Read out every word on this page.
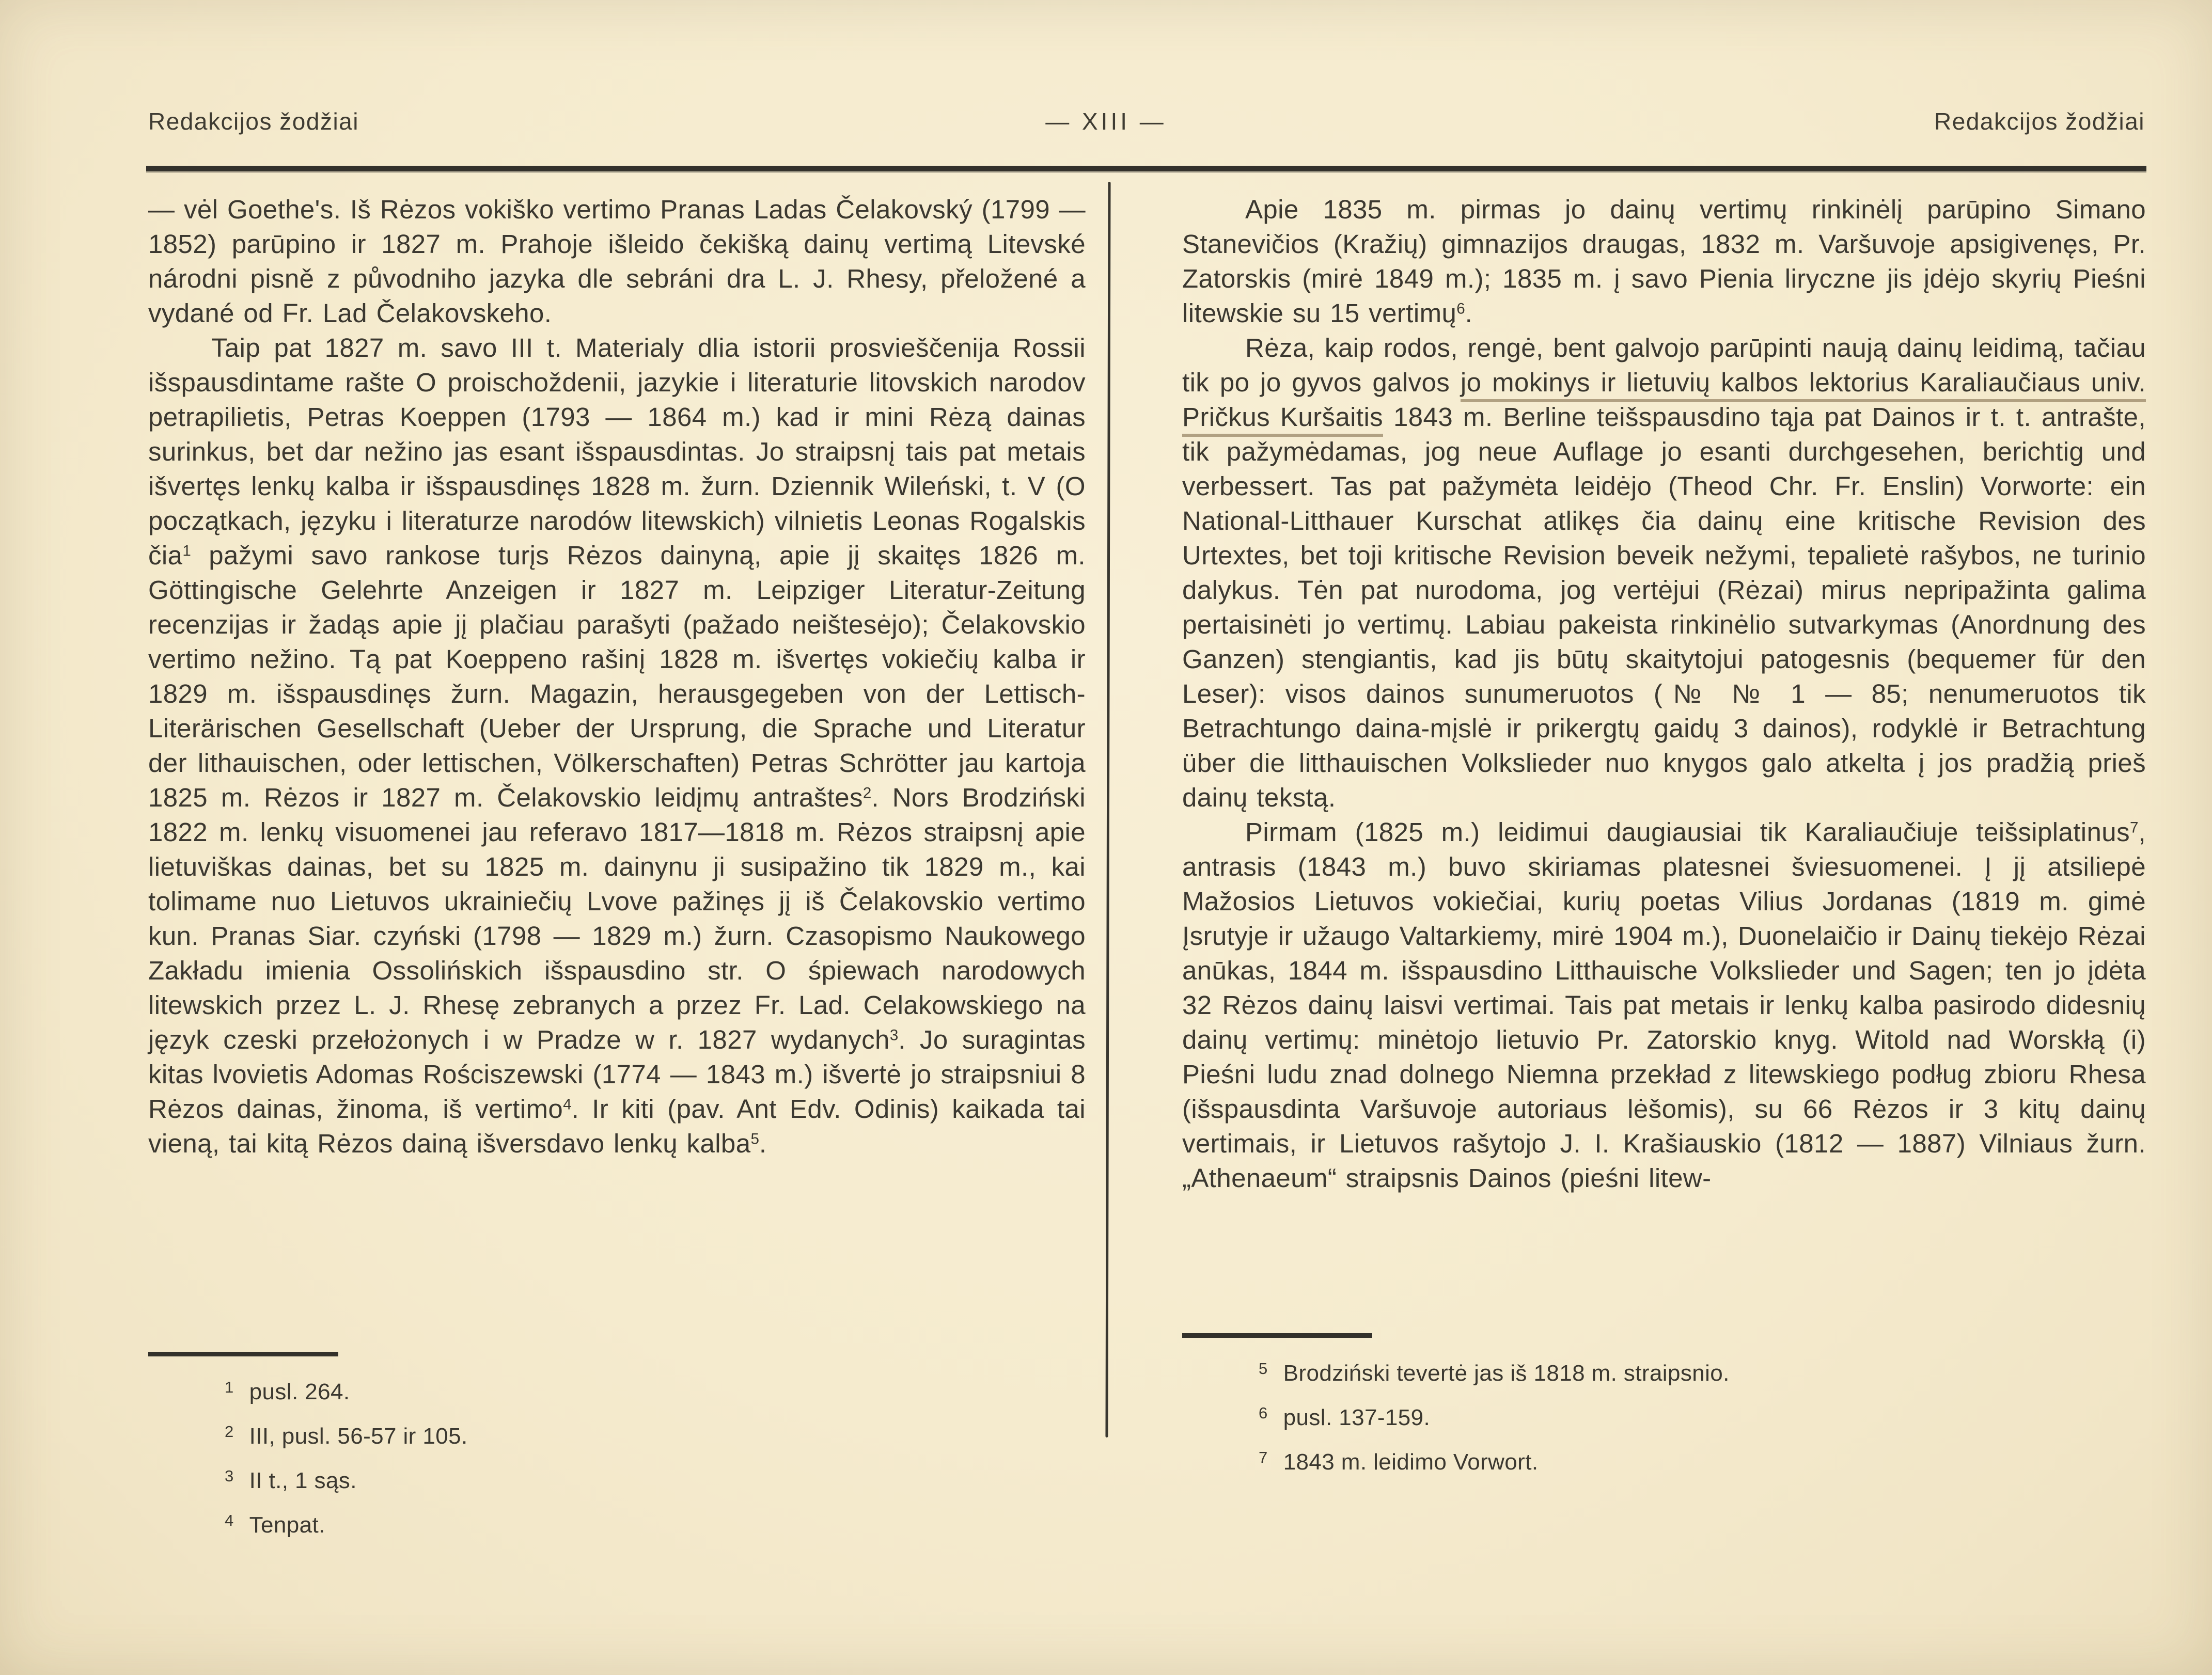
Redakcijos žodžiai	— XIII —	Redakcijos žodžiai

— vėl Goethe's. Iš Rėzos vokiško vertimo Pranas Ladas Čelakovský (1799 — 1852) parūpino ir 1827 m. Prahoje išleido čekišką dainų vertimą Litevské národni pisně z původniho jazyka dle sebráni dra L. J. Rhesy, přeložené a vydané od Fr. Lad Čelakovskeho.

Taip pat 1827 m. savo III t. Materialy dlia istorii prosvieščenija Rossii išspausdintame rašte O proischoždenii, jazykie i literaturie litovskich narodov petrapilietis, Petras Koeppen (1793 — 1864 m.) kad ir mini Rėzą dainas surinkus, bet dar nežino jas esant išspausdintas. Jo straipsnį tais pat metais išvertęs lenkų kalba ir išspausdinęs 1828 m. žurn. Dziennik Wileński, t. V (O początkach, języku i literaturze narodów litewskich) vilnietis Leonas Rogalskis čia$^1$ pažymi savo rankose turįs Rėzos dainyną, apie jį skaitęs 1826 m. Göttingische Gelehrte Anzeigen ir 1827 m. Leipziger Literatur-Zeitung recenzijas ir žadąs apie jį plačiau parašyti (pažado neištesėjo); Čelakovskio vertimo nežino. Tą pat Koeppeno rašinį 1828 m. išvertęs vokiečių kalba ir 1829 m. išspausdinęs žurn. Magazin, herausgegeben von der Lettisch-Literärischen Gesellschaft (Ueber der Ursprung, die Sprache und Literatur der lithauischen, oder lettischen, Völkerschaften) Petras Schrötter jau kartoja 1825 m. Rėzos ir 1827 m. Čelakovskio leidįmų antraštes$^2$. Nors Brodziński 1822 m. lenkų visuomenei jau referavo 1817—1818 m. Rėzos straipsnį apie lietuviškas dainas, bet su 1825 m. dainynu ji susipažino tik 1829 m., kai tolimame nuo Lietuvos ukrainiečių Lvove pažinęs jį iš Čelakovskio vertimo kun. Pranas Siar. czyński (1798 — 1829 m.) žurn. Czasopismo Naukowego Zakładu imienia Ossolińskich išspausdino str. O śpiewach narodowych litewskich przez L. J. Rhesę zebranych a przez Fr. Lad. Celakowskiego na język czeski przełożonych i w Pradze w r. 1827 wydanych$^3$. Jo suragintas kitas lvovietis Adomas Rościszewski (1774 — 1843 m.) išvertė jo straipsniui 8 Rėzos dainas, žinoma, iš vertimo$^4$. Ir kiti (pav. Ant Edv. Odinis) kaikada tai vieną, tai kitą Rėzos dainą išversdavo lenkų kalba$^5$.

Apie 1835 m. pirmas jo dainų vertimų rinkinėlį parūpino Simano Stanevičios (Kražių) gimnazijos draugas, 1832 m. Varšuvoje apsigivenęs, Pr. Zatorskis (mirė 1849 m.); 1835 m. į savo Pienia liryczne jis įdėjo skyrių Pieśni litewskie su 15 vertimų$^6$.

Rėza, kaip rodos, rengė, bent galvojo parūpinti naują dainų leidimą, tačiau tik po jo gyvos galvos jo mokinys ir lietuvių kalbos lektorius Karaliaučiaus univ. Pričkus Kuršaitis 1843 m. Berline teišspausdino tąja pat Dainos ir t. t. antrašte, tik pažymėdamas, jog neue Auflage jo esanti durchgesehen, berichtig und verbessert. Tas pat pažymėta leidėjo (Theod Chr. Fr. Enslin) Vorworte: ein National-Litthauer Kurschat atlikęs čia dainų eine kritische Revision des Urtextes, bet toji kritische Revision beveik nežymi, tepalietė rašybos, ne turinio dalykus. Tėn pat nurodoma, jog vertėjui (Rėzai) mirus nepripažinta galima pertaisinėti jo vertimų. Labiau pakeista rinkinėlio sutvarkymas (Anordnung des Ganzen) stengiantis, kad jis būtų skaitytojui patogesnis (bequemer für den Leser): visos dainos sunumeruotos (№ № 1 — 85; nenumeruotos tik Betrachtungo daina-mįslė ir prikergtų gaidų 3 dainos), rodyklė ir Betrachtung über die litthauischen Volkslieder nuo knygos galo atkelta į jos pradžią prieš dainų tekstą.

Pirmam (1825 m.) leidimui daugiausiai tik Karaliaučiuje teišsiplatinus$^7$, antrasis (1843 m.) buvo skiriamas platesnei šviesuomenei. Į jį atsiliepė Mažosios Lietuvos vokiečiai, kurių poetas Vilius Jordanas (1819 m. gimė Įsrutyje ir užaugo Valtarkiemy, mirė 1904 m.), Duonelaičio ir Dainų tiekėjo Rėzai anūkas, 1844 m. išspausdino Litthauische Volkslieder und Sagen; ten jo įdėta 32 Rėzos dainų laisvi vertimai. Tais pat metais ir lenkų kalba pasirodo didesnių dainų vertimų: minėtojo lietuvio Pr. Zatorskio knyg. Witold nad Worskłą (i) Pieśni ludu znad dolnego Niemna przekład z litewskiego podług zbioru Rhesa (išspausdinta Varšuvoje autoriaus lėšomis), su 66 Rėzos ir 3 kitų dainų vertimais, ir Lietuvos rašytojo J. I. Krašiauskio (1812 — 1887) Vilniaus žurn. „Athenaeum“ straipsnis Dainos (pieśni litew-

1 pusl. 264.
2 III, pusl. 56-57 ir 105.
3 II t., 1 sąs.
4 Tenpat.
5 Brodziński tevertė jas iš 1818 m. straipsnio.
6 pusl. 137-159.
7 1843 m. leidimo Vorwort.
